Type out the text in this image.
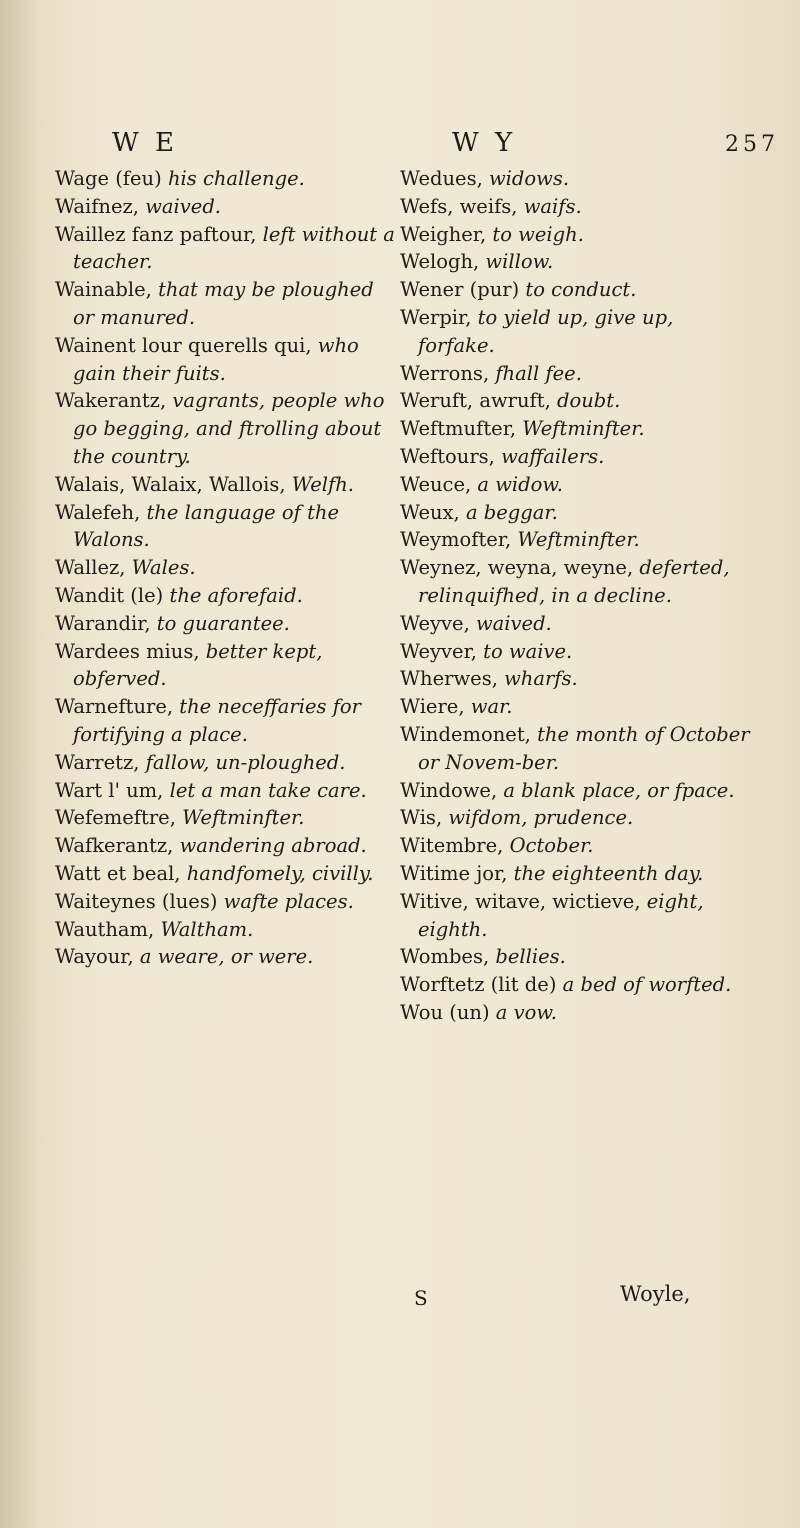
W E	W Y	257

Wage (feu) his challenge.

Waifnez, waived.

Waillez fanz paftour, left without a teacher.

Wainable, that may be ploughed or manured.

Wainent lour querells qui, who gain their fuits.

Wakerantz, vagrants, people who go begging, and ftrolling about the country.

Walais, Walaix, Wallois, Welfh.

Walefeh, the language of the Walons.

Wallez, Wales.

Wandit (le) the aforefaid.

Warandir, to guarantee.

Wardees mius, better kept, obferved.

Warnefture, the neceffaries for fortifying a place.

Warretz, fallow, un-ploughed.

Wart l' um, let a man take care.

Wefemeftre, Weftminfter.

Wafkerantz, wandering abroad.

Watt et beal, handfomely, civilly.

Waiteynes (lues) wafte places.

Wautham, Waltham.

Wayour, a weare, or were.

Wedues, widows.

Wefs, weifs, waifs.

Weigher, to weigh.

Welogh, willow.

Wener (pur) to conduct.

Werpir, to yield up, give up, forfake.

Werrons, fhall fee.

Weruft, awruft, doubt.

Weftmufter, Weftminfter.

Weftours, waffailers.

Weuce, a widow.

Weux, a beggar.

Weymofter, Weftminfter.

Weynez, weyna, weyne, deferted, relinquifhed, in a decline.

Weyve, waived.

Weyver, to waive.

Wherwes, wharfs.

Wiere, war.

Windemonet, the month of October or Novem-ber.

Windowe, a blank place, or fpace.

Wis, wifdom, prudence.

Witembre, October.

Witime jor, the eighteenth day.

Witive, witave, wictieve, eight, eighth.

Wombes, bellies.

Worftetz (lit de) a bed of worfted.

Wou (un) a vow.

S	Woyle,
